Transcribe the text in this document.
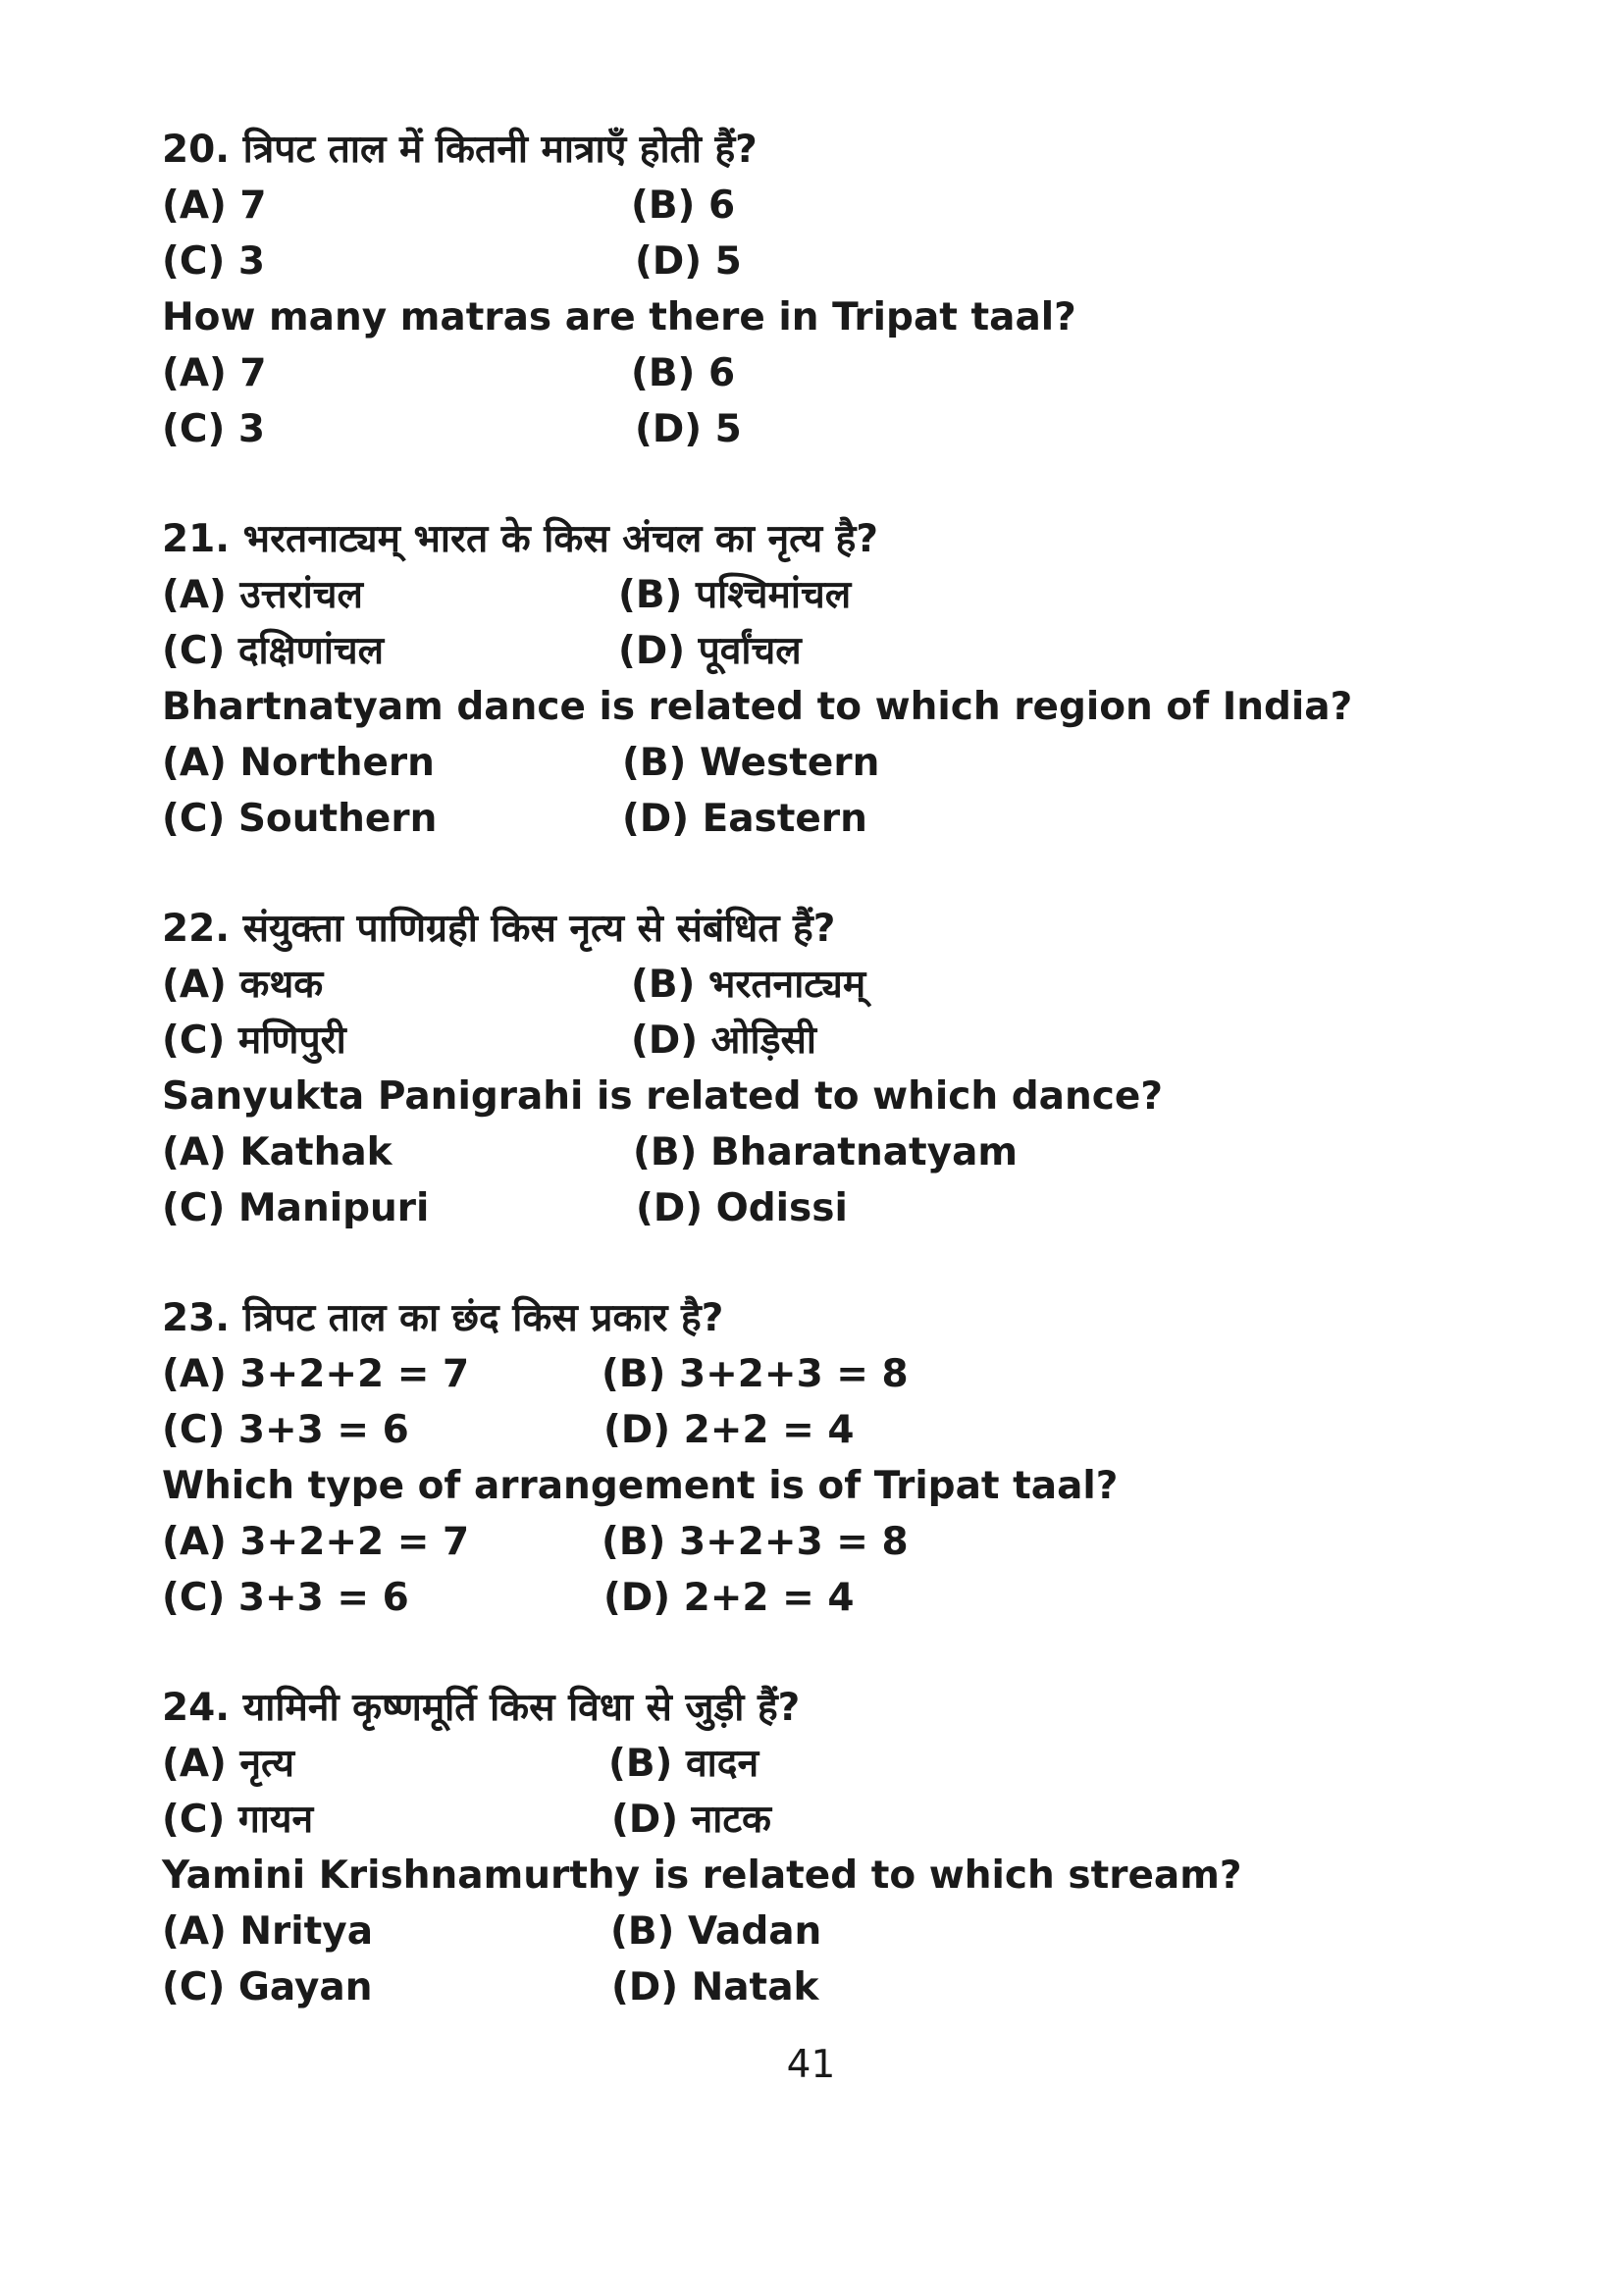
20. त्रिपट ताल में कितनी मात्राएँ होती हैं?
(A) 7	(B) 6
(C) 3	(D) 5
How many matras are there in Tripat taal?
(A) 7	(B) 6
(C) 3	(D) 5
21. भरतनाट्यम् भारत के किस अंचल का नृत्य है?
(A) उत्तरांचल	(B) पश्चिमांचल
(C) दक्षिणांचल	(D) पूर्वांचल
Bhartnatyam dance is related to which region of India?
(A) Northern	(B) Western
(C) Southern	(D) Eastern
22. संयुक्ता पाणिग्रही किस नृत्य से संबंधित हैं?
(A) कथक	(B) भरतनाट्यम्
(C) मणिपुरी	(D) ओड़िसी
Sanyukta Panigrahi is related to which dance?
(A) Kathak	(B) Bharatnatyam
(C) Manipuri	(D) Odissi
23. त्रिपट ताल का छंद किस प्रकार है?
(A) 3+2+2 = 7	(B) 3+2+3 = 8
(C) 3+3 = 6	(D) 2+2 = 4
Which type of arrangement is of Tripat taal?
(A) 3+2+2 = 7	(B) 3+2+3 = 8
(C) 3+3 = 6	(D) 2+2 = 4
24. यामिनी कृष्णमूर्ति किस विधा से जुड़ी हैं?
(A) नृत्य	(B) वादन
(C) गायन	(D) नाटक
Yamini Krishnamurthy is related to which stream?
(A) Nritya	(B) Vadan
(C) Gayan	(D) Natak
41
